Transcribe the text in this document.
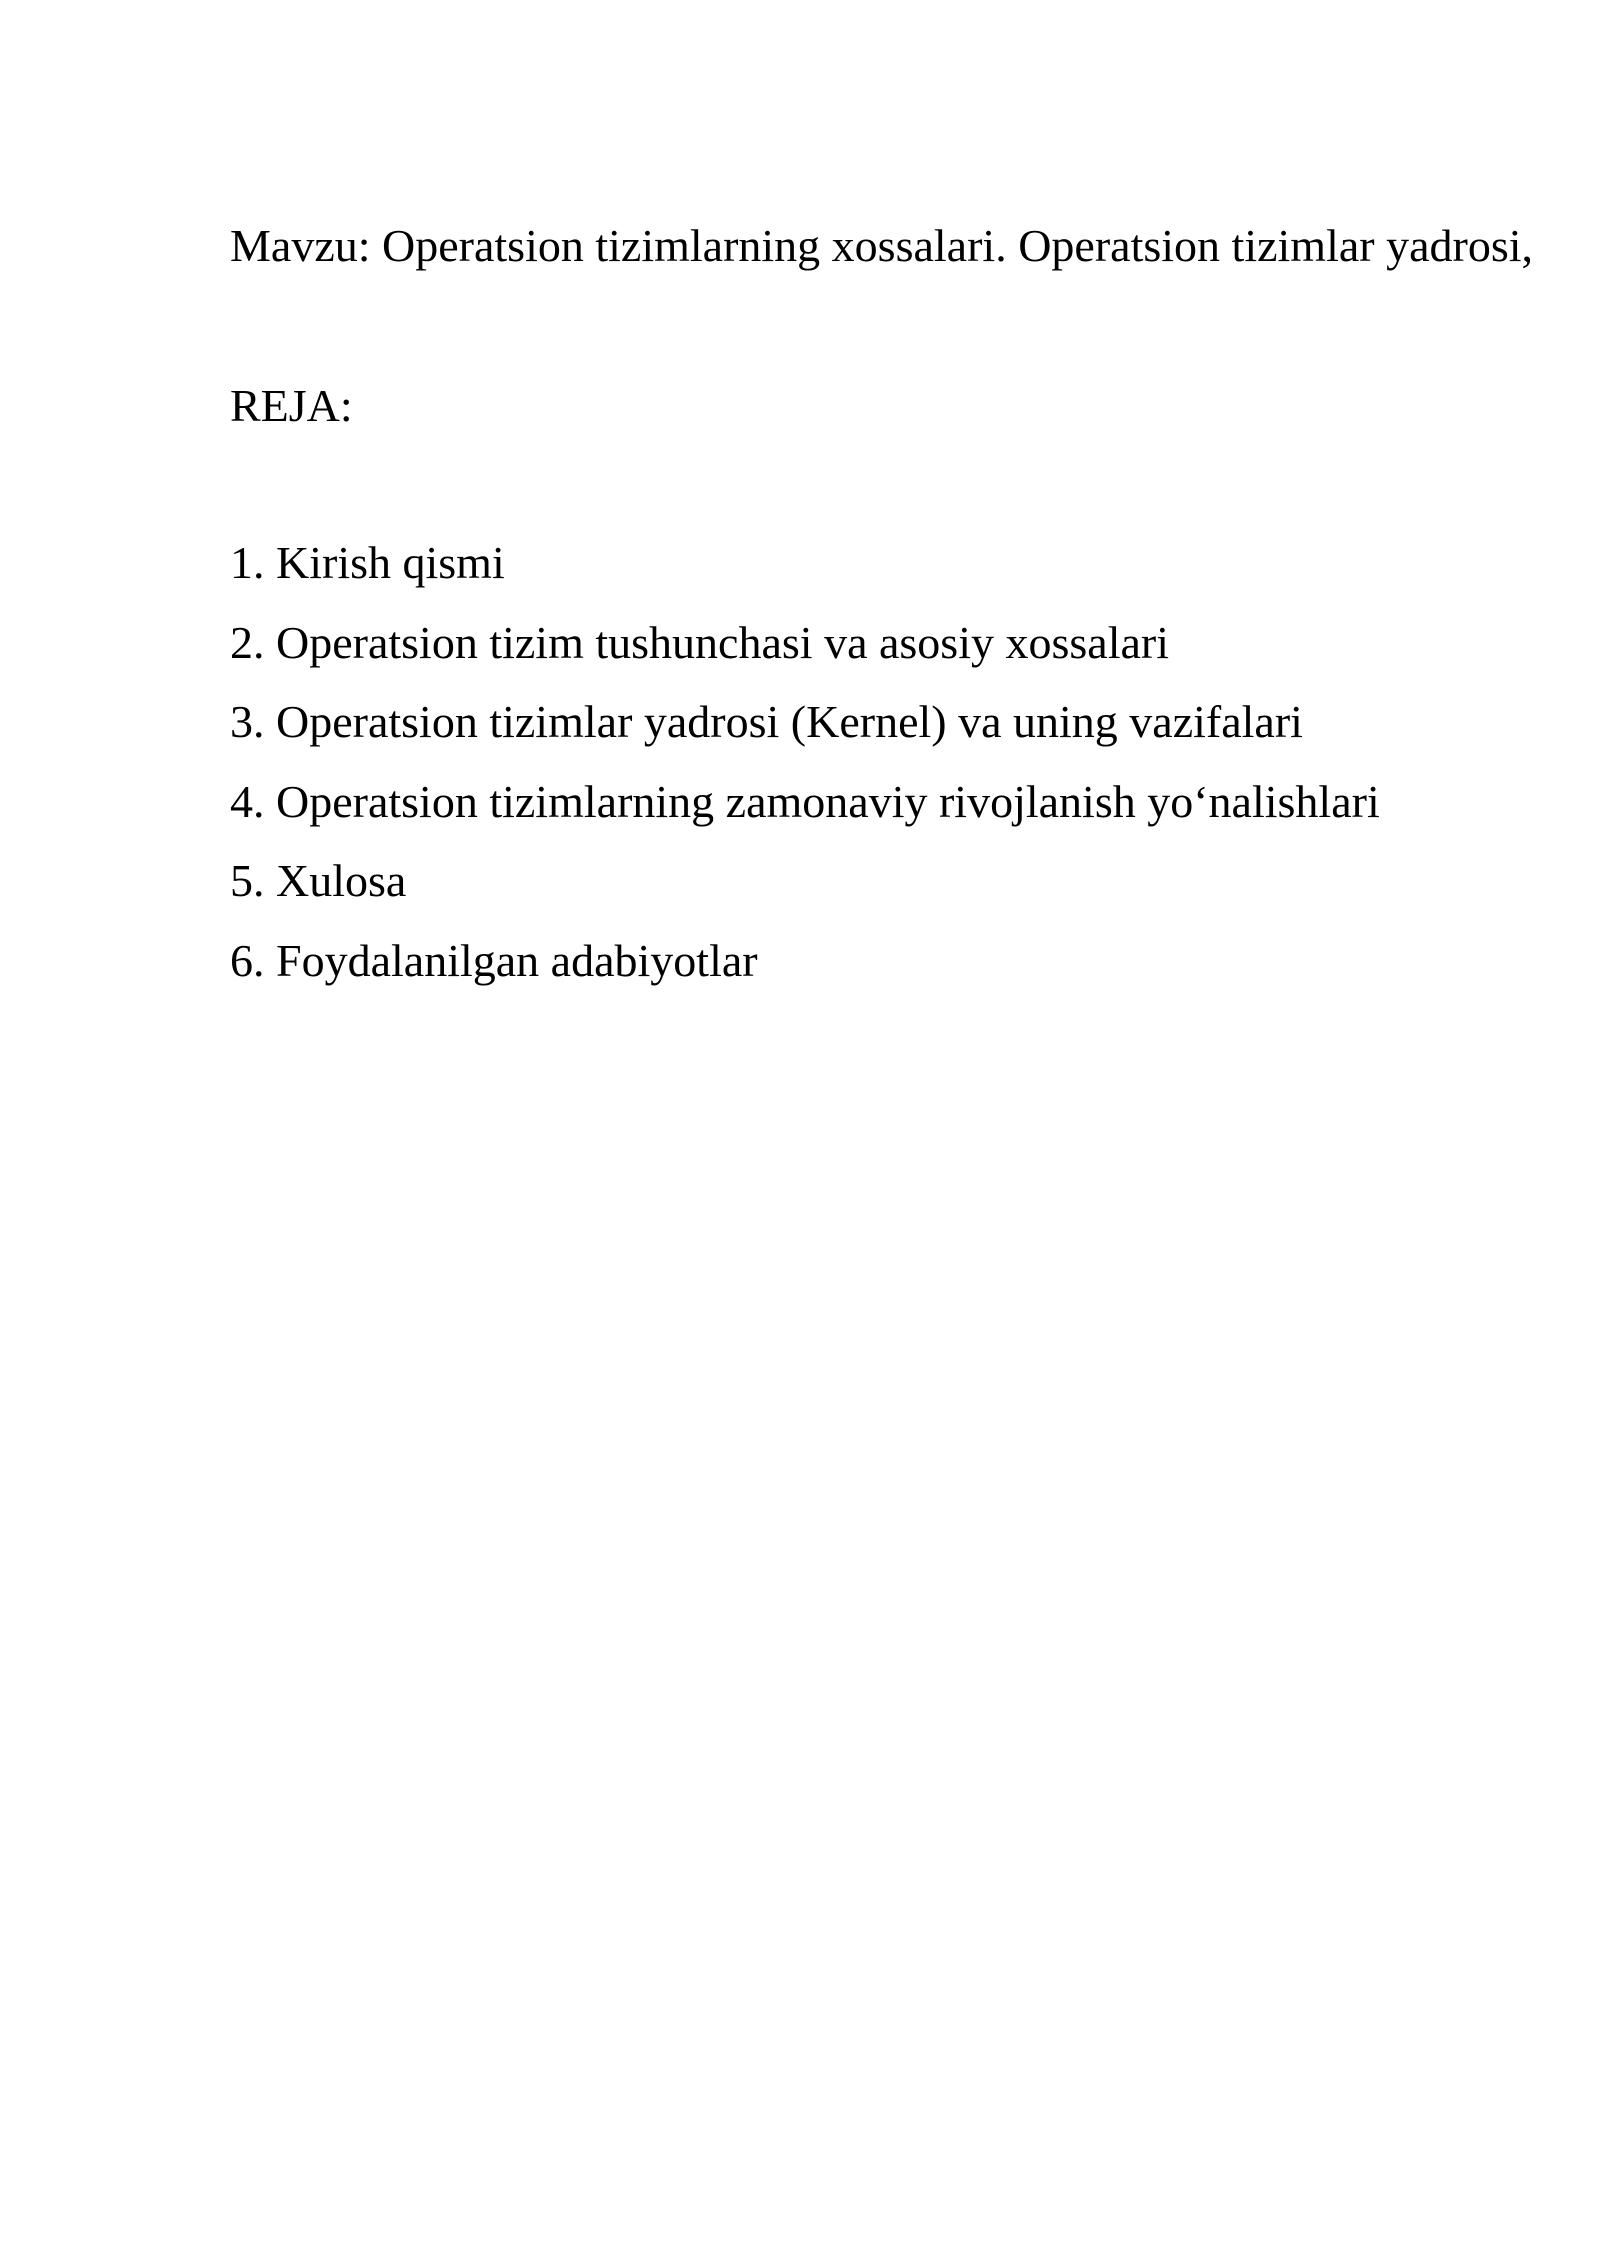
Mavzu: Operatsion tizimlarning xossalari. Operatsion tizimlar yadrosi,

REJA:

1. Kirish qismi
2. Operatsion tizim tushunchasi va asosiy xossalari
3. Operatsion tizimlar yadrosi (Kernel) va uning vazifalari
4. Operatsion tizimlarning zamonaviy rivojlanish yo‘nalishlari
5. Xulosa
6. Foydalanilgan adabiyotlar
